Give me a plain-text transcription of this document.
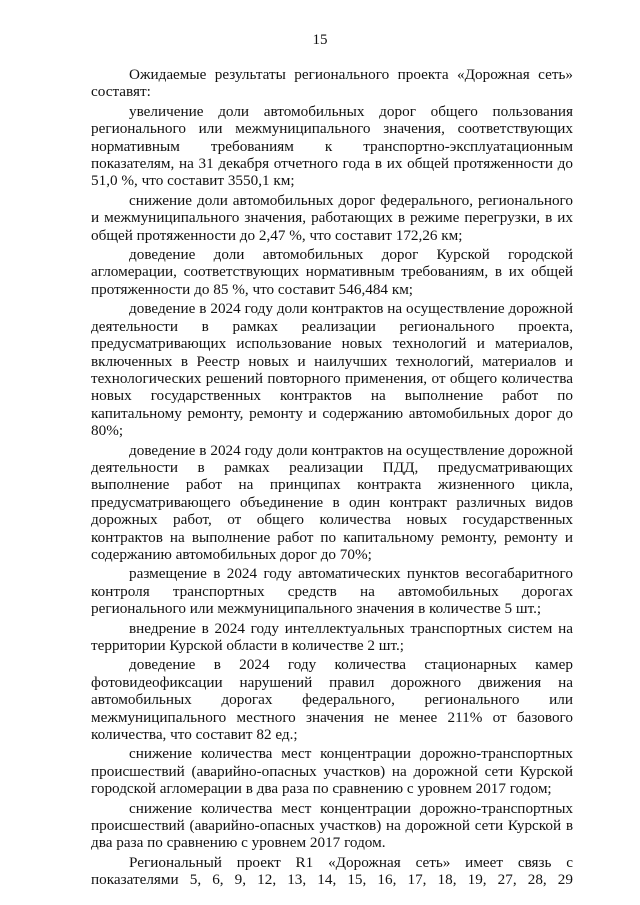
15

Ожидаемые результаты регионального проекта «Дорожная сеть» составят:

увеличение доли автомобильных дорог общего пользования регионального или межмуниципального значения, соответствующих нормативным требованиям к транспортно-эксплуатационным показателям, на 31 декабря отчетного года в их общей протяженности до 51,0 %, что составит 3550,1 км;

снижение доли автомобильных дорог федерального, регионального и межмуниципального значения, работающих в режиме перегрузки, в их общей протяженности до 2,47 %, что составит 172,26 км;

доведение доли автомобильных дорог Курской городской агломерации, соответствующих нормативным требованиям, в их общей протяженности до 85 %, что составит 546,484 км;

доведение в 2024 году доли контрактов на осуществление дорожной деятельности в рамках реализации регионального проекта, предусматривающих использование новых технологий и материалов, включенных в Реестр новых и наилучших технологий, материалов и технологических решений повторного применения, от общего количества новых государственных контрактов на выполнение работ по капитальному ремонту, ремонту и содержанию автомобильных дорог до 80%;

доведение в 2024 году доли контрактов на осуществление дорожной деятельности в рамках реализации ПДД, предусматривающих выполнение работ на принципах контракта жизненного цикла, предусматривающего объединение в один контракт различных видов дорожных работ, от общего количества новых государственных контрактов на выполнение работ по капитальному ремонту, ремонту и содержанию автомобильных дорог до 70%;

размещение в 2024 году автоматических пунктов весогабаритного контроля транспортных средств на автомобильных дорогах регионального или межмуниципального значения в количестве 5 шт.;

внедрение в 2024 году интеллектуальных транспортных систем на территории Курской области в количестве 2 шт.;

доведение в 2024 году количества стационарных камер фотовидеофиксации нарушений правил дорожного движения на автомобильных дорогах федерального, регионального или межмуниципального местного значения не менее 211% от базового количества, что составит 82 ед.;

снижение количества мест концентрации дорожно-транспортных происшествий (аварийно-опасных участков) на дорожной сети Курской городской агломерации в два раза по сравнению с уровнем 2017 годом;

снижение количества мест концентрации дорожно-транспортных происшествий (аварийно-опасных участков) на дорожной сети Курской в два раза по сравнению с уровнем 2017 годом.

Региональный проект R1 «Дорожная сеть» имеет связь с показателями 5, 6, 9, 12, 13, 14, 15, 16, 17, 18, 19, 27, 28, 29
